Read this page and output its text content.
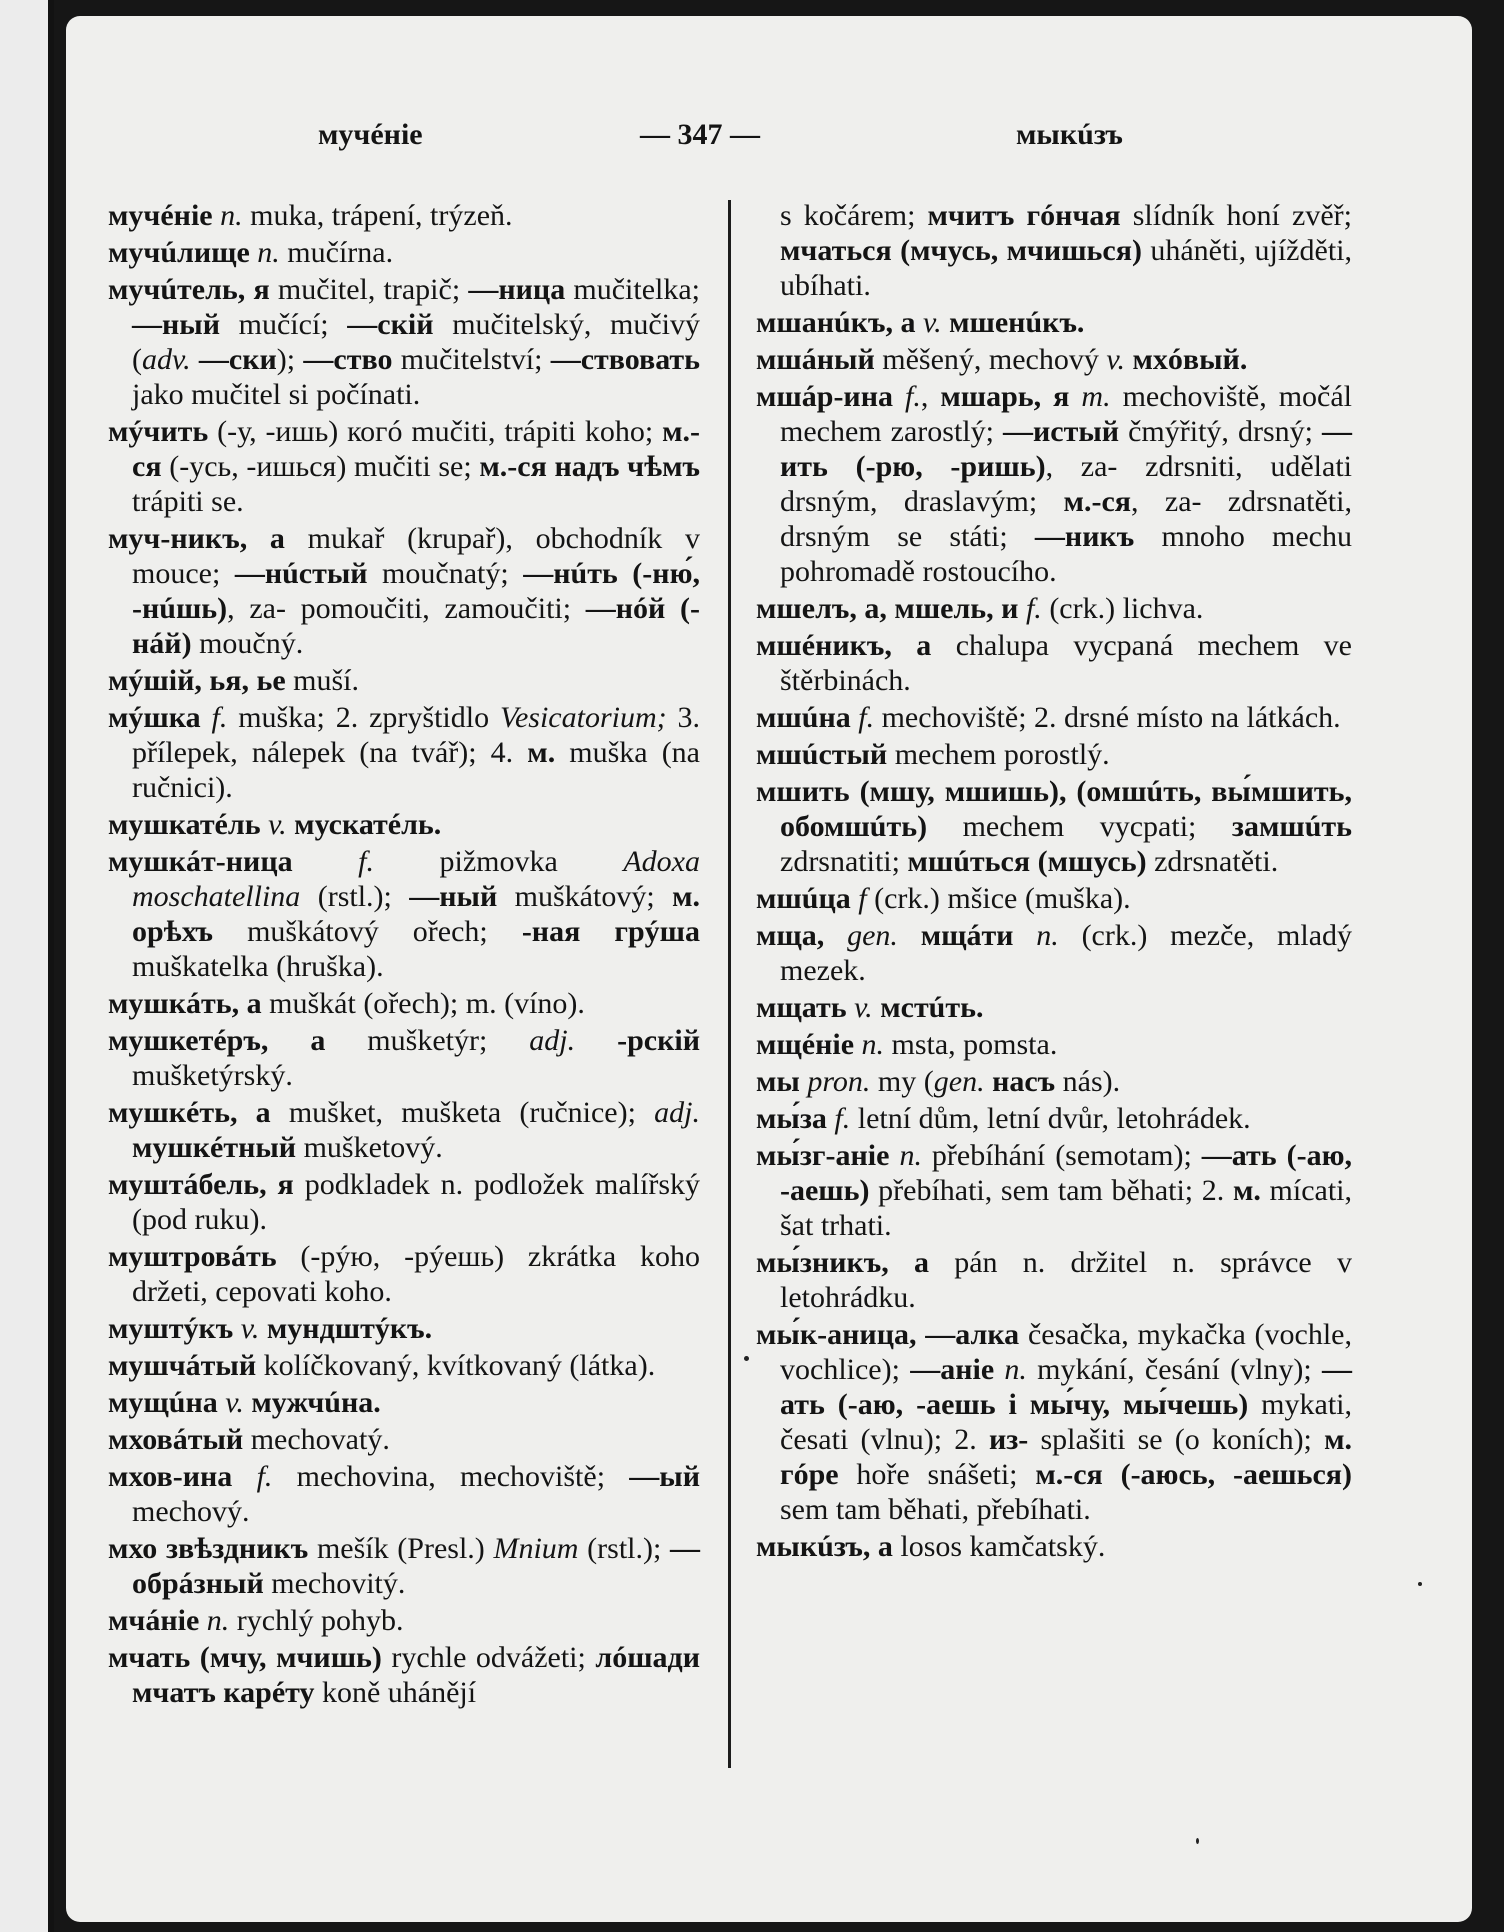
мучéніе	— 347 —	мыкúзъ
мучéніе n. muka, trápení, trýzeň.
мучúлище n. mučírna.
мучúтель, я mučitel, trapič; —ница mučitelka; —ный mučící; —скій mučitelský, mučivý (adv. —ски); —ство mučitelství; —ствовать jako mučitel si počínati.
мýчить (-у, -ишь) когó mučiti, trápiti koho; м.-ся (-усь, -ишься) mučiti se; м.-ся надъ чѣмъ trápiti se.
муч-никъ, а mukař (krupař), obchodník v mouce; —нúстый moučnatý; —нúть (-ню́, -нúшь), za- pomoučiti, zamoučiti; —нóй (-нáй) moučný.
мýшій, ья, ье muší.
мýшка f. muška; 2. zpryštidlo Vesicatorium; 3. přílepek, nálepek (na tvář); 4. м. muška (na ručnici).
мушкатéль v. мускатéль.
мушкáт-ница f. pižmovka Adoxa moschatellina (rstl.); —ный muškátový; м. орѣхъ muškátový ořech; -ная грýша muškatelka (hruška).
мушкáть, а muškát (ořech); m. (víno).
мушкетéръ, а mušketýr; adj. -рскій mušketýrský.
мушкéть, а mušket, mušketa (ručnice); adj. мушкéтный mušketový.
муштáбель, я podkladek n. podložek malířský (pod ruku).
муштровáть (-рýю, -рýешь) zkrátka koho držeti, cepovati koho.
муштýкъ v. мундштýкъ.
мушчáтый kolíčkovaný, kvítkovaný (látka).
мущúна v. мужчúна.
мховáтый mechovatý.
мхов-ина f. mechovina, mechoviště; —ый mechový.
мхо звѣздникъ mešík (Presl.) Mnium (rstl.); —обрáзный mechovitý.
мчáніе n. rychlý pohyb.
мчать (мчу, мчишь) rychle odvážeti; лóшади мчатъ карéту koně uhánějí
s kočárem; мчитъ гóнчая slídník honí zvěř; мчаться (мчусь, мчишься) uháněti, ujížděti, ubíhati.
мшанúкъ, а v. мшенúкъ.
мшáный měšený, mechový v. мхóвый.
мшáр-ина f., мшарь, я m. mechoviště, močál mechem zarostlý; —истый čmýřitý, drsný; —ить (-рю, -ришь), za- zdrsniti, udělati drsným, draslavým; м.-ся, za- zdrsnatěti, drsným se státi; —никъ mnoho mechu pohromadě rostoucího.
мшелъ, а, мшель, и f. (crk.) lichva.
мшéникъ, а chalupa vycpaná mechem ve štěrbinách.
мшúна f. mechoviště; 2. drsné místo na látkách.
мшúстый mechem porostlý.
мшить (мшу, мшишь), (омшúть, вы́мшить, обомшúть) mechem vycpati; замшúть zdrsnatiti; мшúться (мшусь) zdrsnatěti.
мшúца f (crk.) mšice (muška).
мща, gen. мщáти n. (crk.) mezče, mladý mezek.
мщать v. мстúть.
мщéніе n. msta, pomsta.
мы pron. my (gen. насъ nás).
мы́за f. letní dům, letní dvůr, letohrádek.
мы́зг-аніе n. přebíhání (semotam); —ать (-аю, -аешь) přebíhati, sem tam běhati; 2. м. mícati, šat trhati.
мы́зникъ, а pán n. držitel n. správce v letohrádku.
мы́к-аница, —алка česačka, mykačka (vochle, vochlice); —аніе n. mykání, česání (vlny); —ать (-аю, -аешь і мы́чу, мы́чешь) mykati, česati (vlnu); 2. из- splašiti se (o koních); м. гóре hoře snášeti; м.-ся (-аюсь, -аешься) sem tam běhati, přebíhati.
мыкúзъ, а losos kamčatský.
